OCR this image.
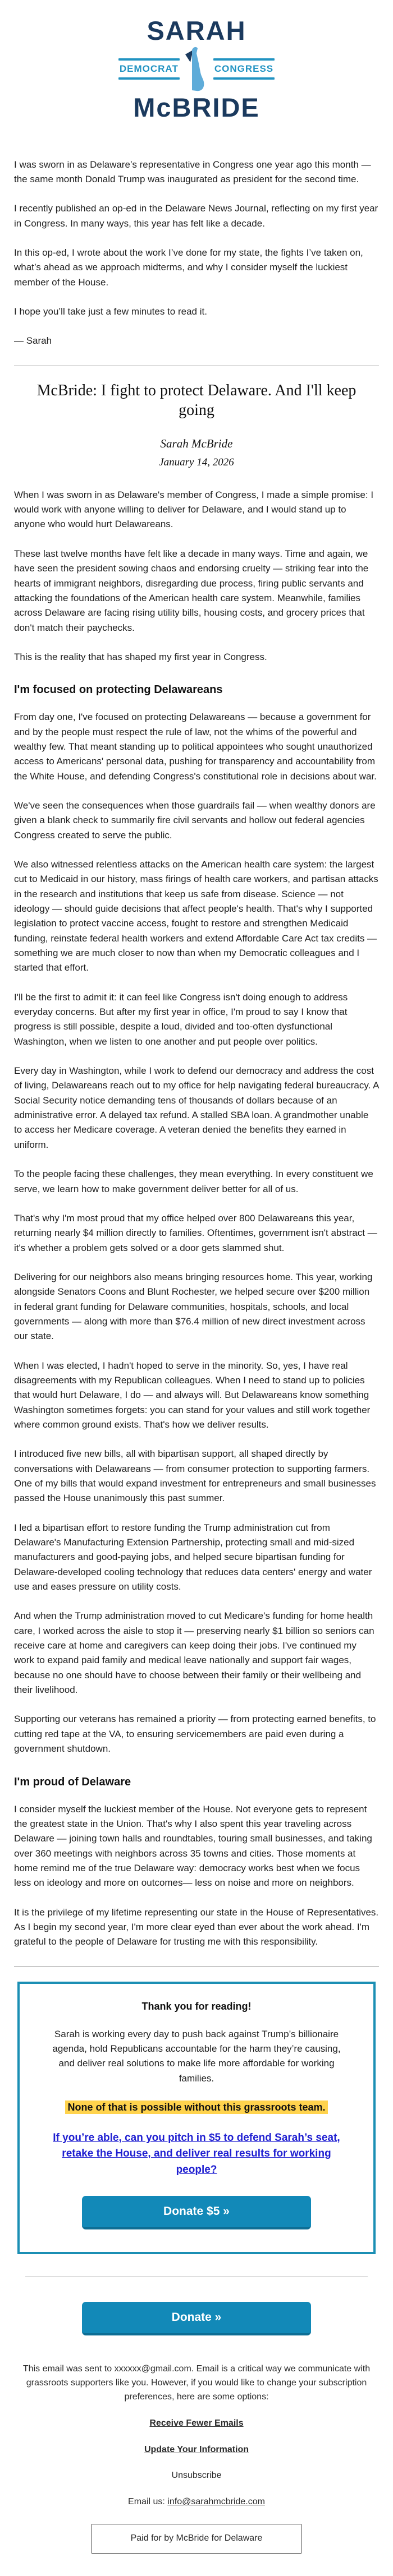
SARAH
DEMOCRAT	CONGRESS
McBRIDE

I was sworn in as Delaware’s representative in Congress one year ago this month — the same month Donald Trump was inaugurated as president for the second time.

I recently published an op-ed in the Delaware News Journal, reflecting on my first year in Congress. In many ways, this year has felt like a decade.

In this op-ed, I wrote about the work I’ve done for my state, the fights I’ve taken on, what’s ahead as we approach midterms, and why I consider myself the luckiest member of the House.

I hope you’ll take just a few minutes to read it.

— Sarah

McBride: I fight to protect Delaware. And I'll keep going
Sarah McBride
January 14, 2026

When I was sworn in as Delaware's member of Congress, I made a simple promise: I would work with anyone willing to deliver for Delaware, and I would stand up to anyone who would hurt Delawareans.

These last twelve months have felt like a decade in many ways. Time and again, we have seen the president sowing chaos and endorsing cruelty — striking fear into the hearts of immigrant neighbors, disregarding due process, firing public servants and attacking the foundations of the American health care system. Meanwhile, families across Delaware are facing rising utility bills, housing costs, and grocery prices that don't match their paychecks.

This is the reality that has shaped my first year in Congress.

I'm focused on protecting Delawareans

From day one, I've focused on protecting Delawareans — because a government for and by the people must respect the rule of law, not the whims of the powerful and wealthy few. That meant standing up to political appointees who sought unauthorized access to Americans' personal data, pushing for transparency and accountability from the White House, and defending Congress's constitutional role in decisions about war.

We've seen the consequences when those guardrails fail — when wealthy donors are given a blank check to summarily fire civil servants and hollow out federal agencies Congress created to serve the public.

We also witnessed relentless attacks on the American health care system: the largest cut to Medicaid in our history, mass firings of health care workers, and partisan attacks in the research and institutions that keep us safe from disease. Science — not ideology — should guide decisions that affect people's health. That's why I supported legislation to protect vaccine access, fought to restore and strengthen Medicaid funding, reinstate federal health workers and extend Affordable Care Act tax credits — something we are much closer to now than when my Democratic colleagues and I started that effort.

I'll be the first to admit it: it can feel like Congress isn't doing enough to address everyday concerns. But after my first year in office, I'm proud to say I know that progress is still possible, despite a loud, divided and too-often dysfunctional Washington, when we listen to one another and put people over politics.

Every day in Washington, while I work to defend our democracy and address the cost of living, Delawareans reach out to my office for help navigating federal bureaucracy. A Social Security notice demanding tens of thousands of dollars because of an administrative error. A delayed tax refund. A stalled SBA loan. A grandmother unable to access her Medicare coverage. A veteran denied the benefits they earned in uniform.

To the people facing these challenges, they mean everything. In every constituent we serve, we learn how to make government deliver better for all of us.

That's why I'm most proud that my office helped over 800 Delawareans this year, returning nearly $4 million directly to families. Oftentimes, government isn't abstract — it's whether a problem gets solved or a door gets slammed shut.

Delivering for our neighbors also means bringing resources home. This year, working alongside Senators Coons and Blunt Rochester, we helped secure over $200 million in federal grant funding for Delaware communities, hospitals, schools, and local governments — along with more than $76.4 million of new direct investment across our state.

When I was elected, I hadn't hoped to serve in the minority. So, yes, I have real disagreements with my Republican colleagues. When I need to stand up to policies that would hurt Delaware, I do — and always will. But Delawareans know something Washington sometimes forgets: you can stand for your values and still work together where common ground exists. That's how we deliver results.

I introduced five new bills, all with bipartisan support, all shaped directly by conversations with Delawareans — from consumer protection to supporting farmers. One of my bills that would expand investment for entrepreneurs and small businesses passed the House unanimously this past summer.

I led a bipartisan effort to restore funding the Trump administration cut from Delaware's Manufacturing Extension Partnership, protecting small and mid-sized manufacturers and good-paying jobs, and helped secure bipartisan funding for Delaware-developed cooling technology that reduces data centers' energy and water use and eases pressure on utility costs.

And when the Trump administration moved to cut Medicare's funding for home health care, I worked across the aisle to stop it — preserving nearly $1 billion so seniors can receive care at home and caregivers can keep doing their jobs. I've continued my work to expand paid family and medical leave nationally and support fair wages, because no one should have to choose between their family or their wellbeing and their livelihood.

Supporting our veterans has remained a priority — from protecting earned benefits, to cutting red tape at the VA, to ensuring servicemembers are paid even during a government shutdown.

I'm proud of Delaware

I consider myself the luckiest member of the House. Not everyone gets to represent the greatest state in the Union. That's why I also spent this year traveling across Delaware — joining town halls and roundtables, touring small businesses, and taking over 360 meetings with neighbors across 35 towns and cities. Those moments at home remind me of the true Delaware way: democracy works best when we focus less on ideology and more on outcomes— less on noise and more on neighbors.

It is the privilege of my lifetime representing our state in the House of Representatives. As I begin my second year, I'm more clear eyed than ever about the work ahead. I'm grateful to the people of Delaware for trusting me with this responsibility.

Thank you for reading!

Sarah is working every day to push back against Trump’s billionaire agenda, hold Republicans accountable for the harm they’re causing, and deliver real solutions to make life more affordable for working families.

None of that is possible without this grassroots team.

If you’re able, can you pitch in $5 to defend Sarah’s seat, retake the House, and deliver real results for working people?
Donate $5 »
Donate »

This email was sent to xxxxxx@gmail.com. Email is a critical way we communicate with grassroots supporters like you. However, if you would like to change your subscription preferences, here are some options:

Receive Fewer Emails
Update Your Information
Unsubscribe
Email us: info@sarahmcbride.com
Paid for by McBride for Delaware
